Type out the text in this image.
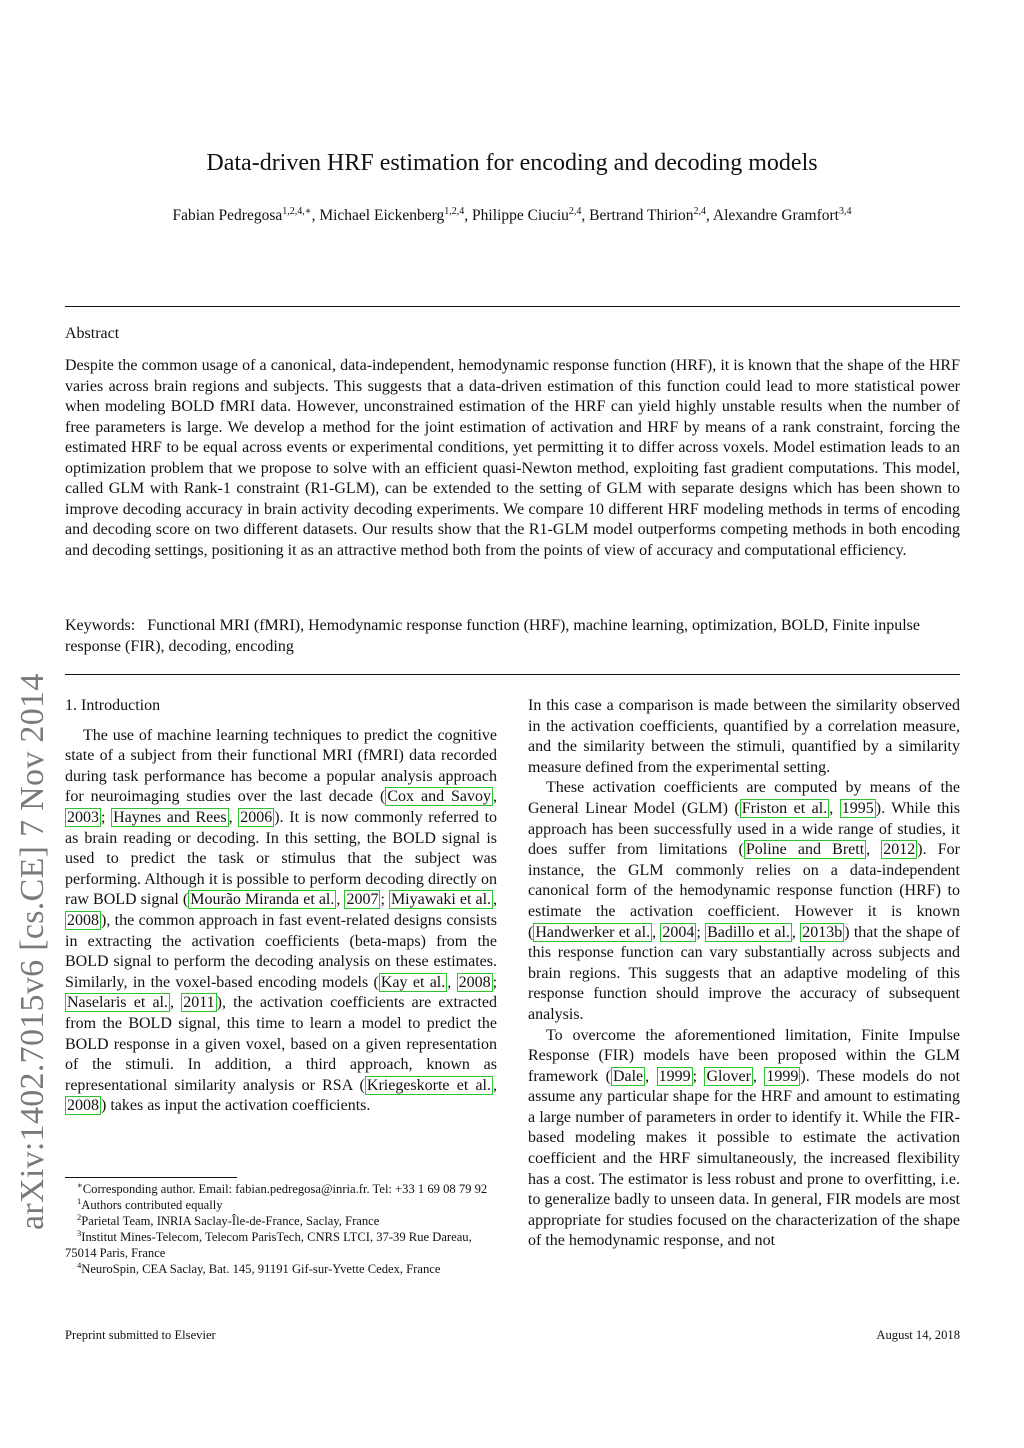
arXiv:1402.7015v6 [cs.CE] 7 Nov 2014
Data-driven HRF estimation for encoding and decoding models
Fabian Pedregosa$^{1,2,4,∗}$, Michael Eickenberg$^{1,2,4}$, Philippe Ciuciu$^{2,4}$, Bertrand Thirion$^{2,4}$, Alexandre Gramfort$^{3,4}$
Abstract
Despite the common usage of a canonical, data-independent, hemodynamic response function (HRF), it is known that the shape of the HRF varies across brain regions and subjects. This suggests that a data-driven estimation of this function could lead to more statistical power when modeling BOLD fMRI data. However, unconstrained estimation of the HRF can yield highly unstable results when the number of free parameters is large. We develop a method for the joint estimation of activation and HRF by means of a rank constraint, forcing the estimated HRF to be equal across events or experimental conditions, yet permitting it to differ across voxels. Model estimation leads to an optimization problem that we propose to solve with an efficient quasi-Newton method, exploiting fast gradient computations. This model, called GLM with Rank-1 constraint (R1-GLM), can be extended to the setting of GLM with separate designs which has been shown to improve decoding accuracy in brain activity decoding experiments. We compare 10 different HRF modeling methods in terms of encoding and decoding score on two different datasets. Our results show that the R1-GLM model outperforms competing methods in both encoding and decoding settings, positioning it as an attractive method both from the points of view of accuracy and computational efficiency.
Keywords: Functional MRI (fMRI), Hemodynamic response function (HRF), machine learning, optimization, BOLD, Finite inpulse response (FIR), decoding, encoding
1. Introduction

The use of machine learning techniques to predict the cognitive state of a subject from their functional MRI (fMRI) data recorded during task performance has become a popular analysis approach for neuroimaging studies over the last decade ( Cox and Savoy , 2003 ; Haynes and Rees , 2006 ). It is now commonly referred to as brain reading or decoding. In this setting, the BOLD signal is used to predict the task or stimulus that the subject was performing. Although it is possible to perform decoding directly on raw BOLD signal ( Mourão Miranda et al. , 2007 ; Miyawaki et al. , 2008 ), the common approach in fast event-related designs consists in extracting the activation coefficients (beta-maps) from the BOLD signal to perform the decoding analysis on these estimates. Similarly, in the voxel-based encoding models ( Kay et al. , 2008 ; Naselaris et al. , 2011 ), the activation coefficients are extracted from the BOLD signal, this time to learn a model to predict the BOLD response in a given voxel, based on a given representation of the stimuli. In addition, a third approach, known as representational similarity analysis or RSA ( Kriegeskorte et al. , 2008 ) takes as input the activation coefficients.

In this case a comparison is made between the similarity observed in the activation coefficients, quantified by a correlation measure, and the similarity between the stimuli, quantified by a similarity measure defined from the experimental setting.

These activation coefficients are computed by means of the General Linear Model (GLM) ( Friston et al. , 1995 ). While this approach has been successfully used in a wide range of studies, it does suffer from limitations ( Poline and Brett , 2012 ). For instance, the GLM commonly relies on a data-independent canonical form of the hemodynamic response function (HRF) to estimate the activation coefficient. However it is known ( Handwerker et al. , 2004 ; Badillo et al. , 2013b ) that the shape of this response function can vary substantially across subjects and brain regions. This suggests that an adaptive modeling of this response function should improve the accuracy of subsequent analysis.

To overcome the aforementioned limitation, Finite Impulse Response (FIR) models have been proposed within the GLM framework ( Dale , 1999 ; Glover , 1999 ). These models do not assume any particular shape for the HRF and amount to estimating a large number of parameters in order to identify it. While the FIR-based modeling makes it possible to estimate the activation coefficient and the HRF simultaneously, the increased flexibility has a cost. The estimator is less robust and prone to overfitting, i.e. to generalize badly to unseen data. In general, FIR models are most appropriate for studies focused on the characterization of the shape of the hemodynamic response, and not

∗Corresponding author. Email: fabian.pedregosa@inria.fr. Tel: +33 1 69 08 79 92
$^1$Authors contributed equally
$^2$Parietal Team, INRIA Saclay-Île-de-France, Saclay, France
$^3$Institut Mines-Telecom, Telecom ParisTech, CNRS LTCI, 37-39 Rue Dareau, 75014 Paris, France
$^4$NeuroSpin, CEA Saclay, Bat. 145, 91191 Gif-sur-Yvette Cedex, France
Preprint submitted to Elsevier	August 14, 2018
